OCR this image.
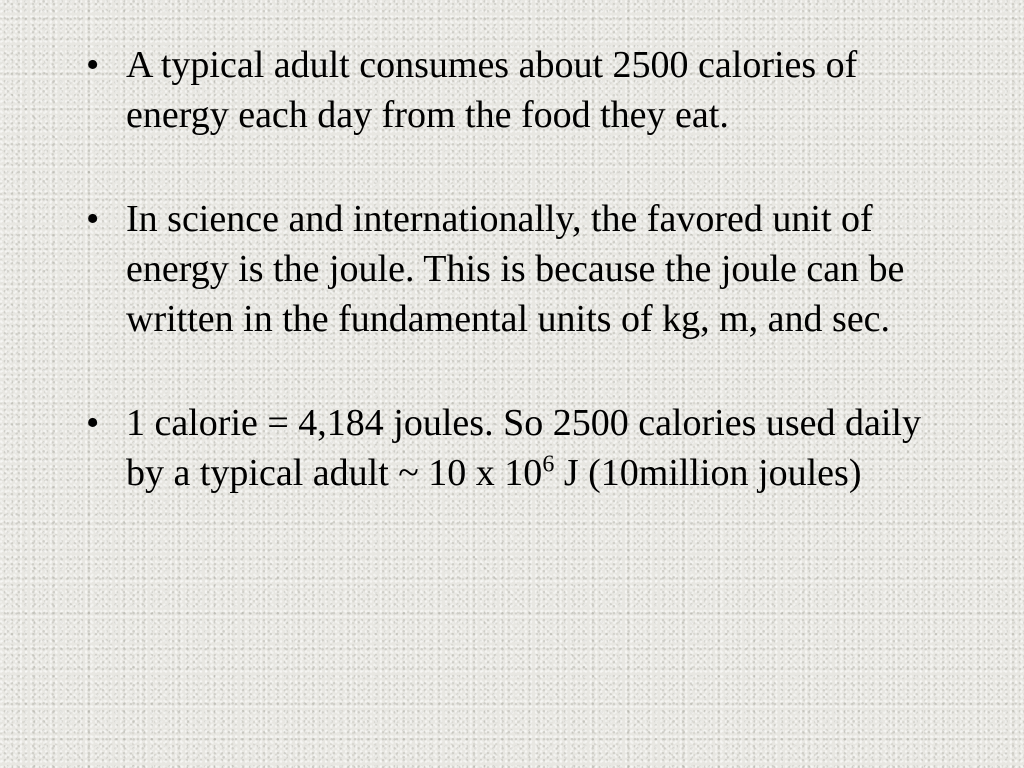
• A typical adult consumes about 2500 calories of energy each day from the food they eat.
• In science and internationally, the favored unit of energy is the joule. This is because the joule can be written in the fundamental units of kg, m, and sec.
• 1 calorie = 4,184 joules. So 2500 calories used daily by a typical adult ~ 10 x $10^6$ J (10million joules)
